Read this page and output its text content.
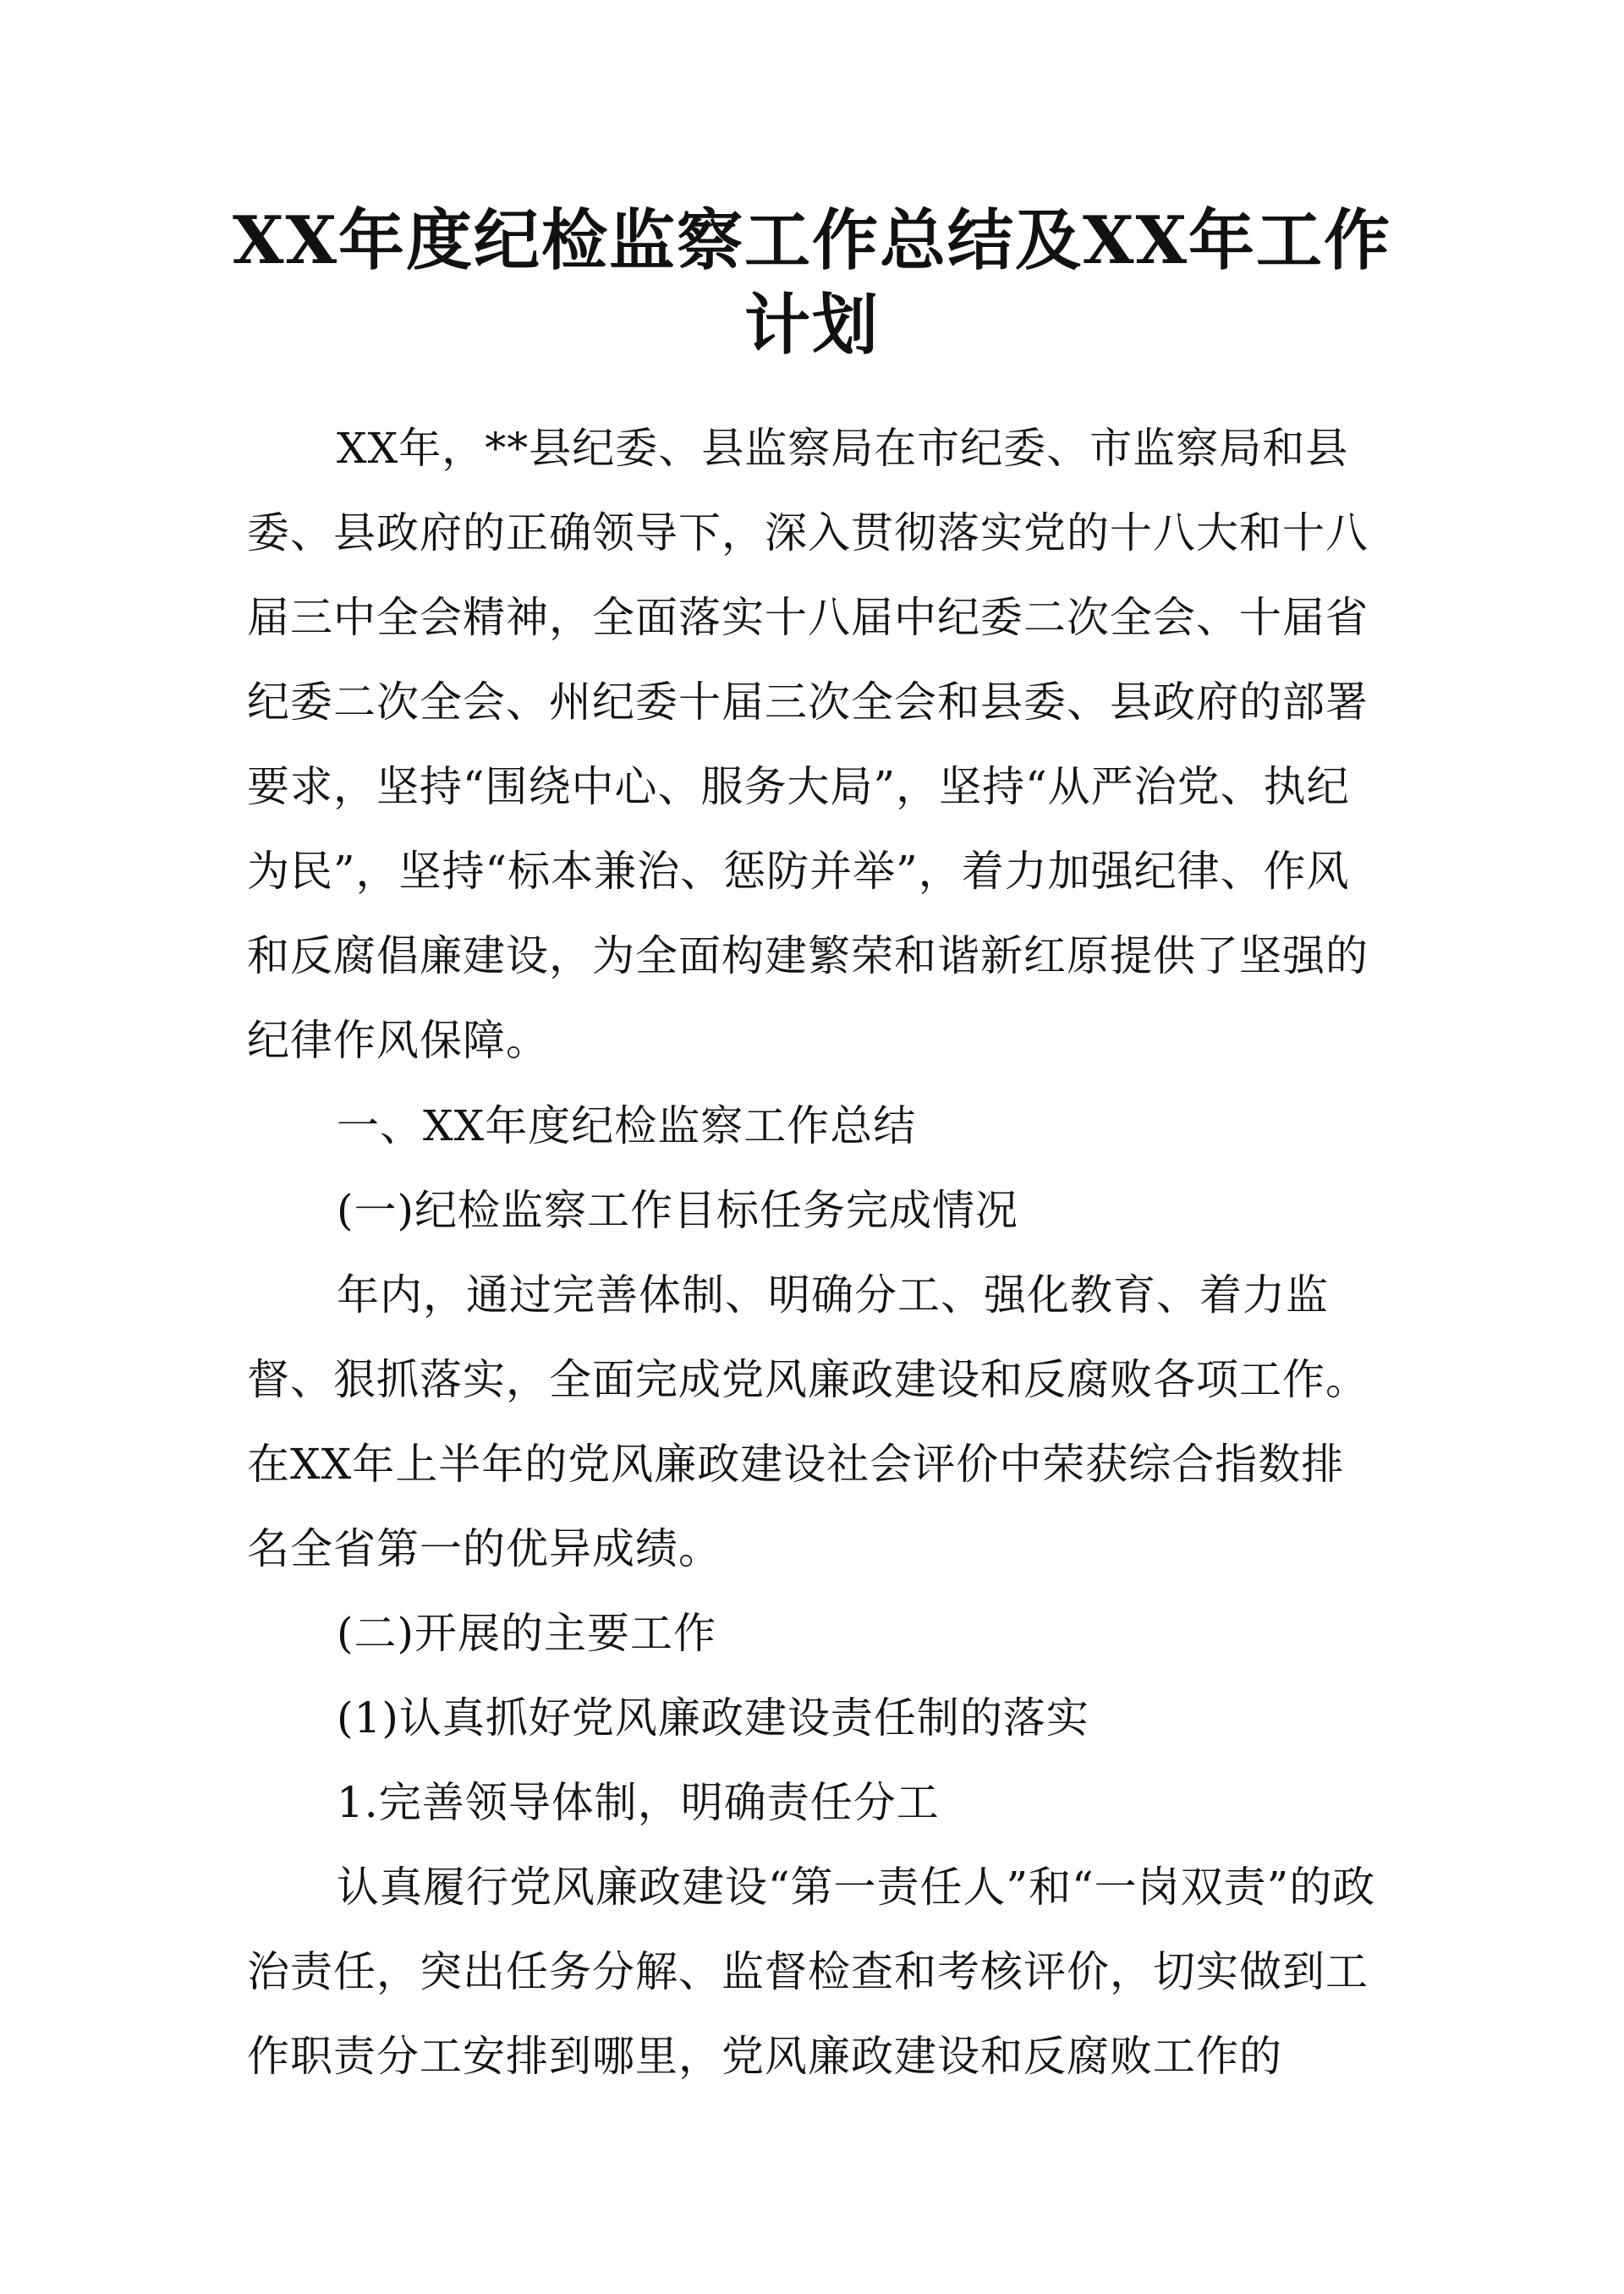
XX年度纪检监察工作总结及XX年工作
计划
XX年，**县纪委、县监察局在市纪委、市监察局和县委、县政府的正确领导下，深入贯彻落实党的十八大和十八届三中全会精神，全面落实十八届中纪委二次全会、十届省纪委二次全会、州纪委十届三次全会和县委、县政府的部署要求，坚持“围绕中心、服务大局”，坚持“从严治党、执纪为民”，坚持“标本兼治、惩防并举”，着力加强纪律、作风和反腐倡廉建设，为全面构建繁荣和谐新红原提供了坚强的纪律作风保障。
一、XX年度纪检监察工作总结
(一)纪检监察工作目标任务完成情况
年内，通过完善体制、明确分工、强化教育、着力监督、狠抓落实，全面完成党风廉政建设和反腐败各项工作。在XX年上半年的党风廉政建设社会评价中荣获综合指数排名全省第一的优异成绩。
(二)开展的主要工作
(1)认真抓好党风廉政建设责任制的落实
1.完善领导体制，明确责任分工
认真履行党风廉政建设“第一责任人”和“一岗双责”的政治责任，突出任务分解、监督检查和考核评价，切实做到工作职责分工安排到哪里，党风廉政建设和反腐败工作的
